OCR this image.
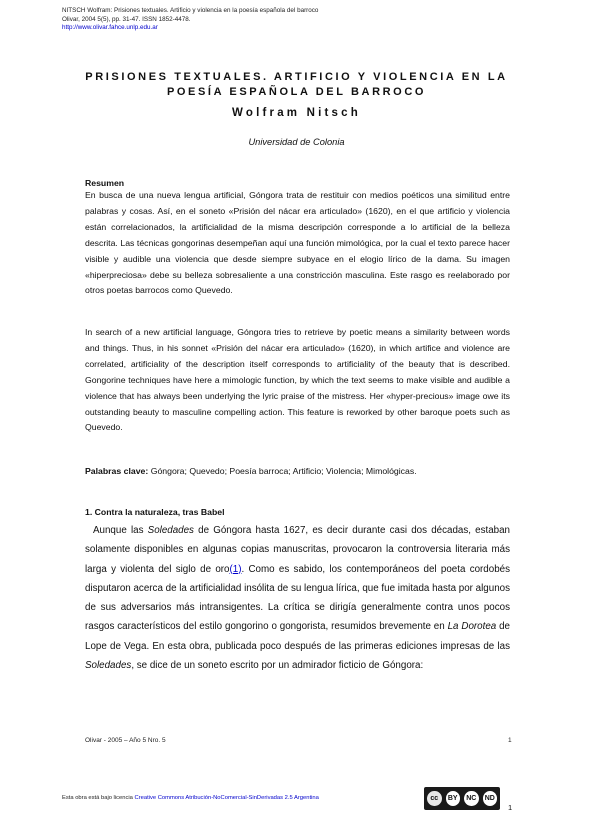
NITSCH Wolfram: Prisiones textuales. Artificio y violencia en la poesía española del barroco
Olivar, 2004 5(5), pp. 31-47. ISSN 1852-4478.
http://www.olivar.fahce.unlp.edu.ar
PRISIONES TEXTUALES. ARTIFICIO Y VIOLENCIA EN LA
POESÍA ESPAÑOLA DEL BARROCO
Wolfram Nitsch
Universidad de Colonia
Resumen

En busca de una nueva lengua artificial, Góngora trata de restituir con medios poéticos una similitud entre palabras y cosas. Así, en el soneto «Prisión del nácar era articulado» (1620), en el que artificio y violencia están correlacionados, la artificialidad de la misma descripción corresponde a lo artificial de la belleza descrita. Las técnicas gongorinas desempeñan aquí una función mimológica, por la cual el texto parece hacer visible y audible una violencia que desde siempre subyace en el elogio lírico de la dama. Su imagen «hiperpreciosa» debe su belleza sobresaliente a una constricción masculina. Este rasgo es reelaborado por otros poetas barrocos como Quevedo.

In search of a new artificial language, Góngora tries to retrieve by poetic means a similarity between words and things. Thus, in his sonnet «Prisión del nácar era articulado» (1620), in which artifice and violence are correlated, artificiality of the description itself corresponds to artificiality of the beauty that is described. Gongorine techniques have here a mimologic function, by which the text seems to make visible and audible a violence that has always been underlying the lyric praise of the mistress. Her «hyper-precious» image owe its outstanding beauty to masculine compelling action. This feature is reworked by other baroque poets such as Quevedo.

Palabras clave: Góngora; Quevedo; Poesía barroca; Artificio; Violencia; Mimológicas.
1. Contra la naturaleza, tras Babel

Aunque las Soledades de Góngora hasta 1627, es decir durante casi dos décadas, estaban solamente disponibles en algunas copias manuscritas, provocaron la controversia literaria más larga y violenta del siglo de oro(1). Como es sabido, los contemporáneos del poeta cordobés disputaron acerca de la artificialidad insólita de su lengua lírica, que fue imitada hasta por algunos de sus adversarios más intransigentes. La crítica se dirigía generalmente contra unos pocos rasgos característicos del estilo gongorino o gongorista, resumidos brevemente en La Dorotea de Lope de Vega. En esta obra, publicada poco después de las primeras ediciones impresas de las Soledades, se dice de un soneto escrito por un admirador ficticio de Góngora:

Olivar - 2005 – Año 5 Nro. 5	1
Esta obra está bajo licencia Creative Commons Atribución-NoComercial-SinDerivadas 2.5 Argentina	cc	BY	NC	ND
1
